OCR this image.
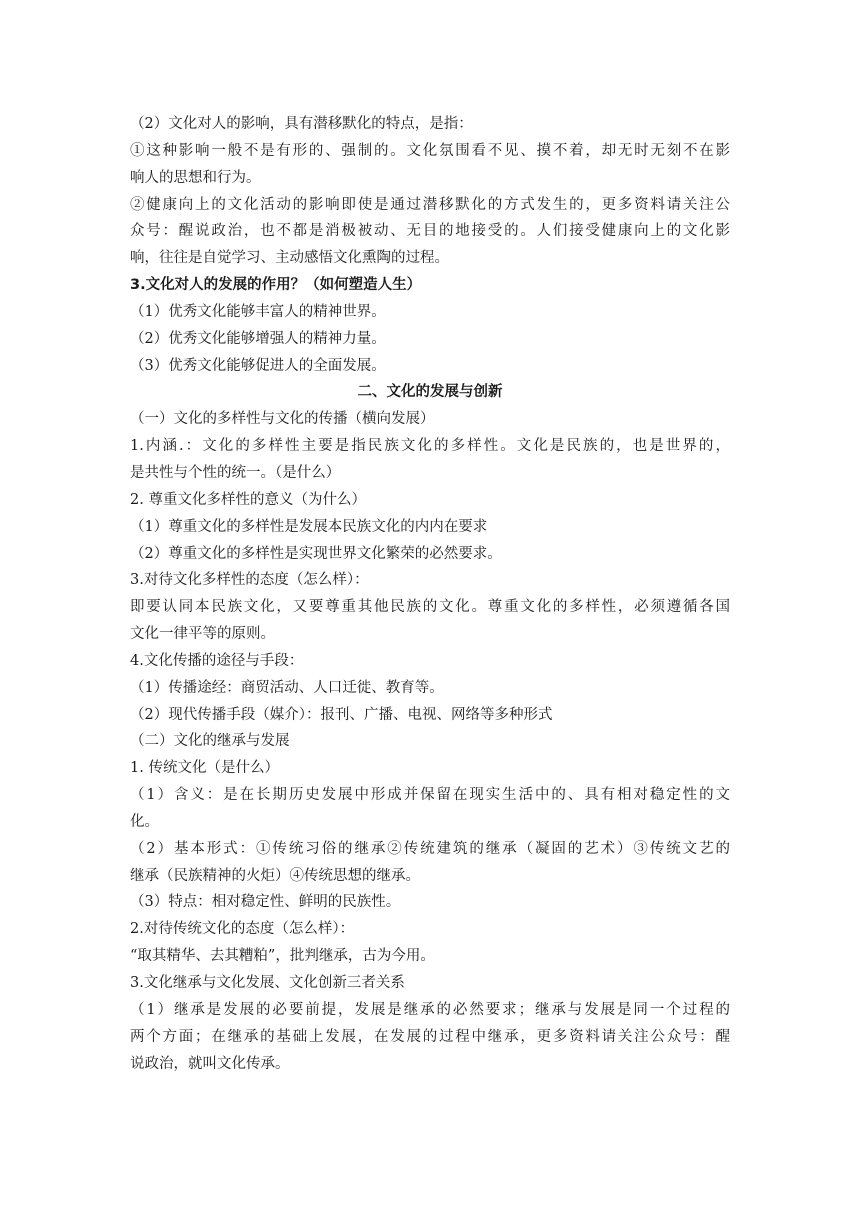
（2）文化对人的影响，具有潜移默化的特点，是指：

①这种影响一般不是有形的、强制的。文化氛围看不见、摸不着，却无时无刻不在影

响人的思想和行为。

②健康向上的文化活动的影响即使是通过潜移默化的方式发生的，更多资料请关注公

众号：醒说政治，也不都是消极被动、无目的地接受的。人们接受健康向上的文化影

响，往往是自觉学习、主动感悟文化熏陶的过程。

3.文化对人的发展的作用？（如何塑造人生）

（1）优秀文化能够丰富人的精神世界。

（2）优秀文化能够增强人的精神力量。

（3）优秀文化能够促进人的全面发展。

二、文化的发展与创新

（一）文化的多样性与文化的传播（横向发展）

1.内涵.：文化的多样性主要是指民族文化的多样性。文化是民族的，也是世界的，

是共性与个性的统一。（是什么）

2. 尊重文化多样性的意义（为什么）

（1）尊重文化的多样性是发展本民族文化的内内在要求

（2）尊重文化的多样性是实现世界文化繁荣的必然要求。

3.对待文化多样性的态度（怎么样）：

即要认同本民族文化，又要尊重其他民族的文化。尊重文化的多样性，必须遵循各国

文化一律平等的原则。

4.文化传播的途径与手段：

（1）传播途经：商贸活动、人口迁徙、教育等。

（2）现代传播手段（媒介）：报刊、广播、电视、网络等多种形式

（二）文化的继承与发展

1. 传统文化（是什么）

（1）含义：是在长期历史发展中形成并保留在现实生活中的、具有相对稳定性的文

化。

（2）基本形式：①传统习俗的继承②传统建筑的继承（凝固的艺术）③传统文艺的

继承（民族精神的火炬）④传统思想的继承。

（3）特点：相对稳定性、鲜明的民族性。

2.对待传统文化的态度（怎么样）：

“取其精华、去其糟粕”，批判继承，古为今用。

3.文化继承与文化发展、文化创新三者关系

（1）继承是发展的必要前提，发展是继承的必然要求；继承与发展是同一个过程的

两个方面；在继承的基础上发展，在发展的过程中继承，更多资料请关注公众号：醒

说政治，就叫文化传承。
